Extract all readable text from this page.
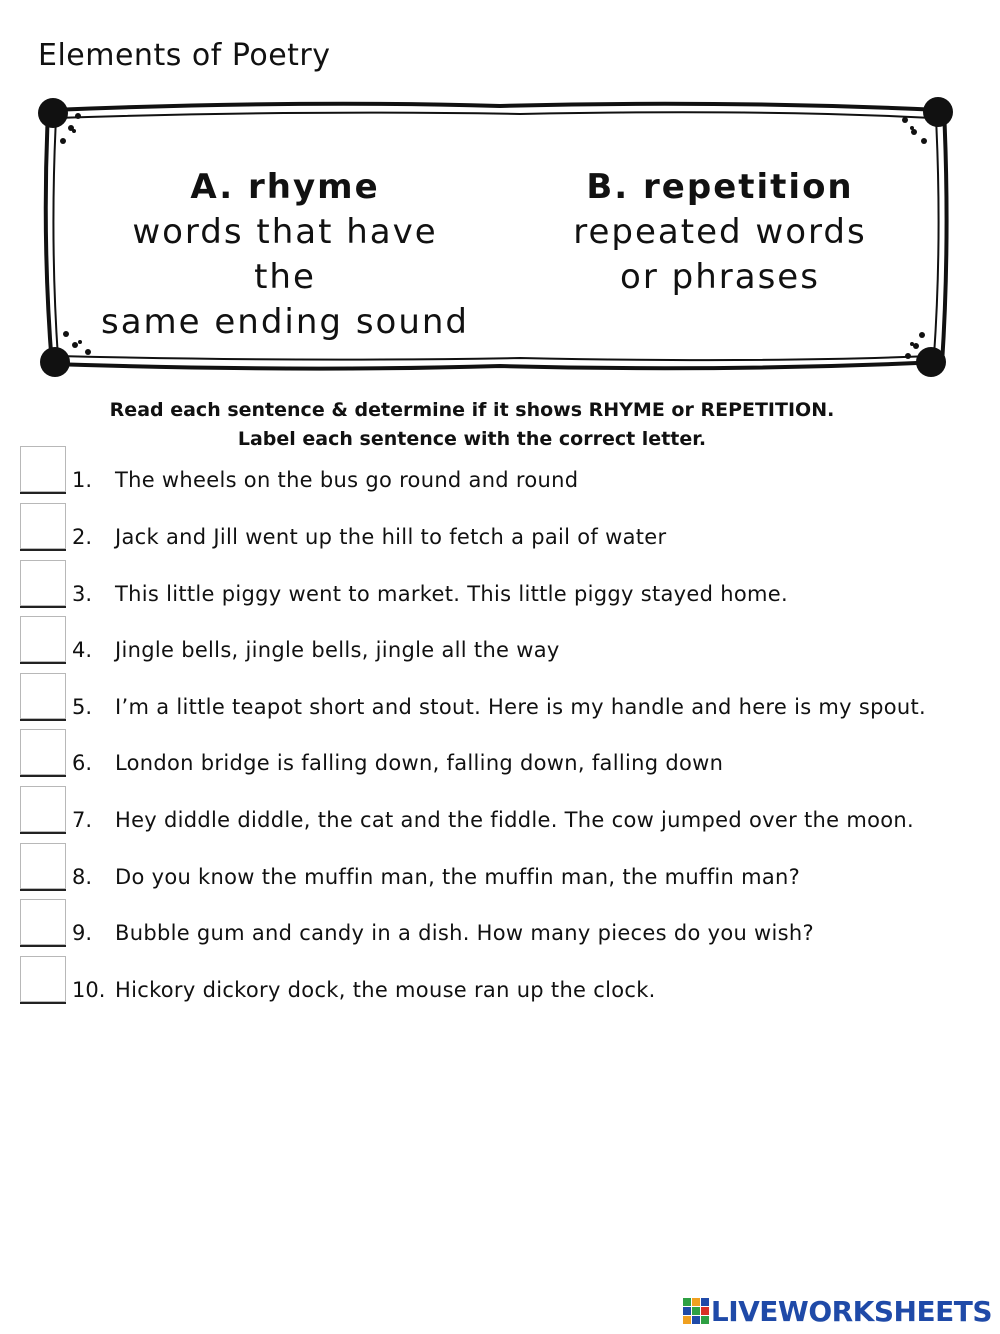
Elements of Poetry
A. rhyme
words that have the
same ending sound
B. repetition
repeated words
or phrases
Read each sentence & determine if it shows RHYME or REPETITION.
Label each sentence with the correct letter.
1.	The wheels on the bus go round and round
2.	Jack and Jill went up the hill to fetch a pail of water
3.	This little piggy went to market. This little piggy stayed home.
4.	Jingle bells, jingle bells, jingle all the way
5.	I’m a little teapot short and stout. Here is my handle and here is my spout.
6.	London bridge is falling down, falling down, falling down
7.	Hey diddle diddle, the cat and the fiddle. The cow jumped over the moon.
8.	Do you know the muffin man, the muffin man, the muffin man?
9.	Bubble gum and candy in a dish. How many pieces do you wish?
10. Hickory dickory dock, the mouse ran up the clock.
LIVEWORKSHEETS
